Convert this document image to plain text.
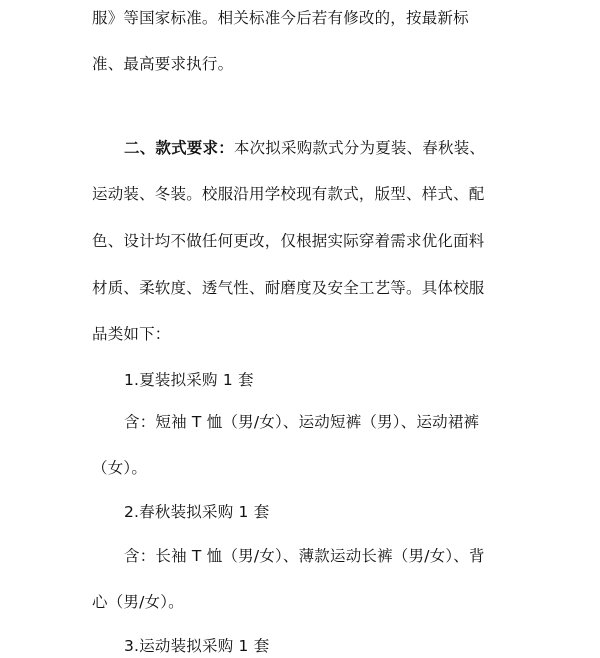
服》等国家标准。相关标准今后若有修改的，按最新标

准、最高要求执行。

二、款式要求：本次拟采购款式分为夏装、春秋装、

运动装、冬装。校服沿用学校现有款式，版型、样式、配

色、设计均不做任何更改，仅根据实际穿着需求优化面料

材质、柔软度、透气性、耐磨度及安全工艺等。具体校服

品类如下：

1.夏装拟采购 1 套

含：短袖 T 恤（男/女）、运动短裤（男）、运动裙裤

（女）。

2.春秋装拟采购 1 套

含：长袖 T 恤（男/女）、薄款运动长裤（男/女）、背

心（男/女）。

3.运动装拟采购 1 套
